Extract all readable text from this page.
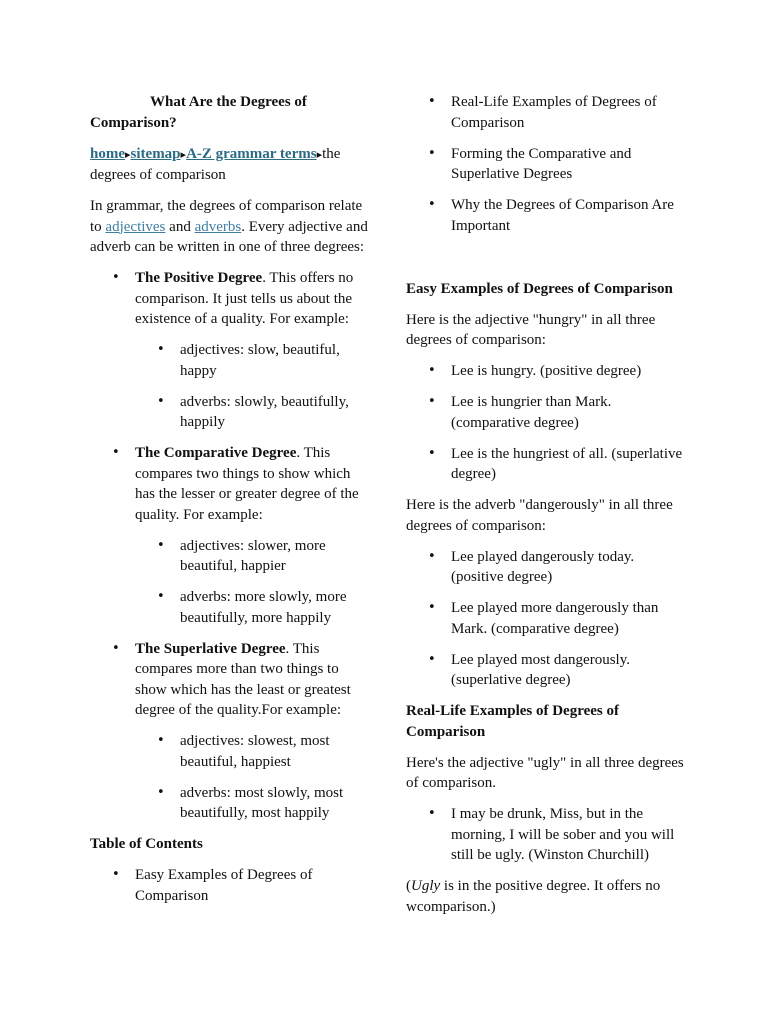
What Are the Degrees of Comparison?

home▸sitemap▸A-Z grammar terms▸the degrees of comparison

In grammar, the degrees of comparison relate to adjectives and adverbs. Every adjective and adverb can be written in one of three degrees:

• The Positive Degree. This offers no comparison. It just tells us about the existence of a quality. For example:
• adjectives: slow, beautiful, happy
• adverbs: slowly, beautifully, happily
• The Comparative Degree. This compares two things to show which has the lesser or greater degree of the quality. For example:
• adjectives: slower, more beautiful, happier
• adverbs: more slowly, more beautifully, more happily
• The Superlative Degree. This compares more than two things to show which has the least or greatest degree of the quality.For example:
• adjectives: slowest, most beautiful, happiest
• adverbs: most slowly, most beautifully, most happily
Table of Contents
• Easy Examples of Degrees of Comparison
• Real-Life Examples of Degrees of Comparison
• Forming the Comparative and Superlative Degrees
• Why the Degrees of Comparison Are Important
Easy Examples of Degrees of Comparison

Here is the adjective "hungry" in all three degrees of comparison:

• Lee is hungry. (positive degree)
• Lee is hungrier than Mark. (comparative degree)
• Lee is the hungriest of all. (superlative degree)

Here is the adverb "dangerously" in all three degrees of comparison:

• Lee played dangerously today. (positive degree)
• Lee played more dangerously than Mark. (comparative degree)
• Lee played most dangerously. (superlative degree)
Real-Life Examples of Degrees of Comparison

Here's the adjective "ugly" in all three degrees of comparison.

• I may be drunk, Miss, but in the morning, I will be sober and you will still be ugly. (Winston Churchill)

(Ugly is in the positive degree. It offers no wcomparison.)
